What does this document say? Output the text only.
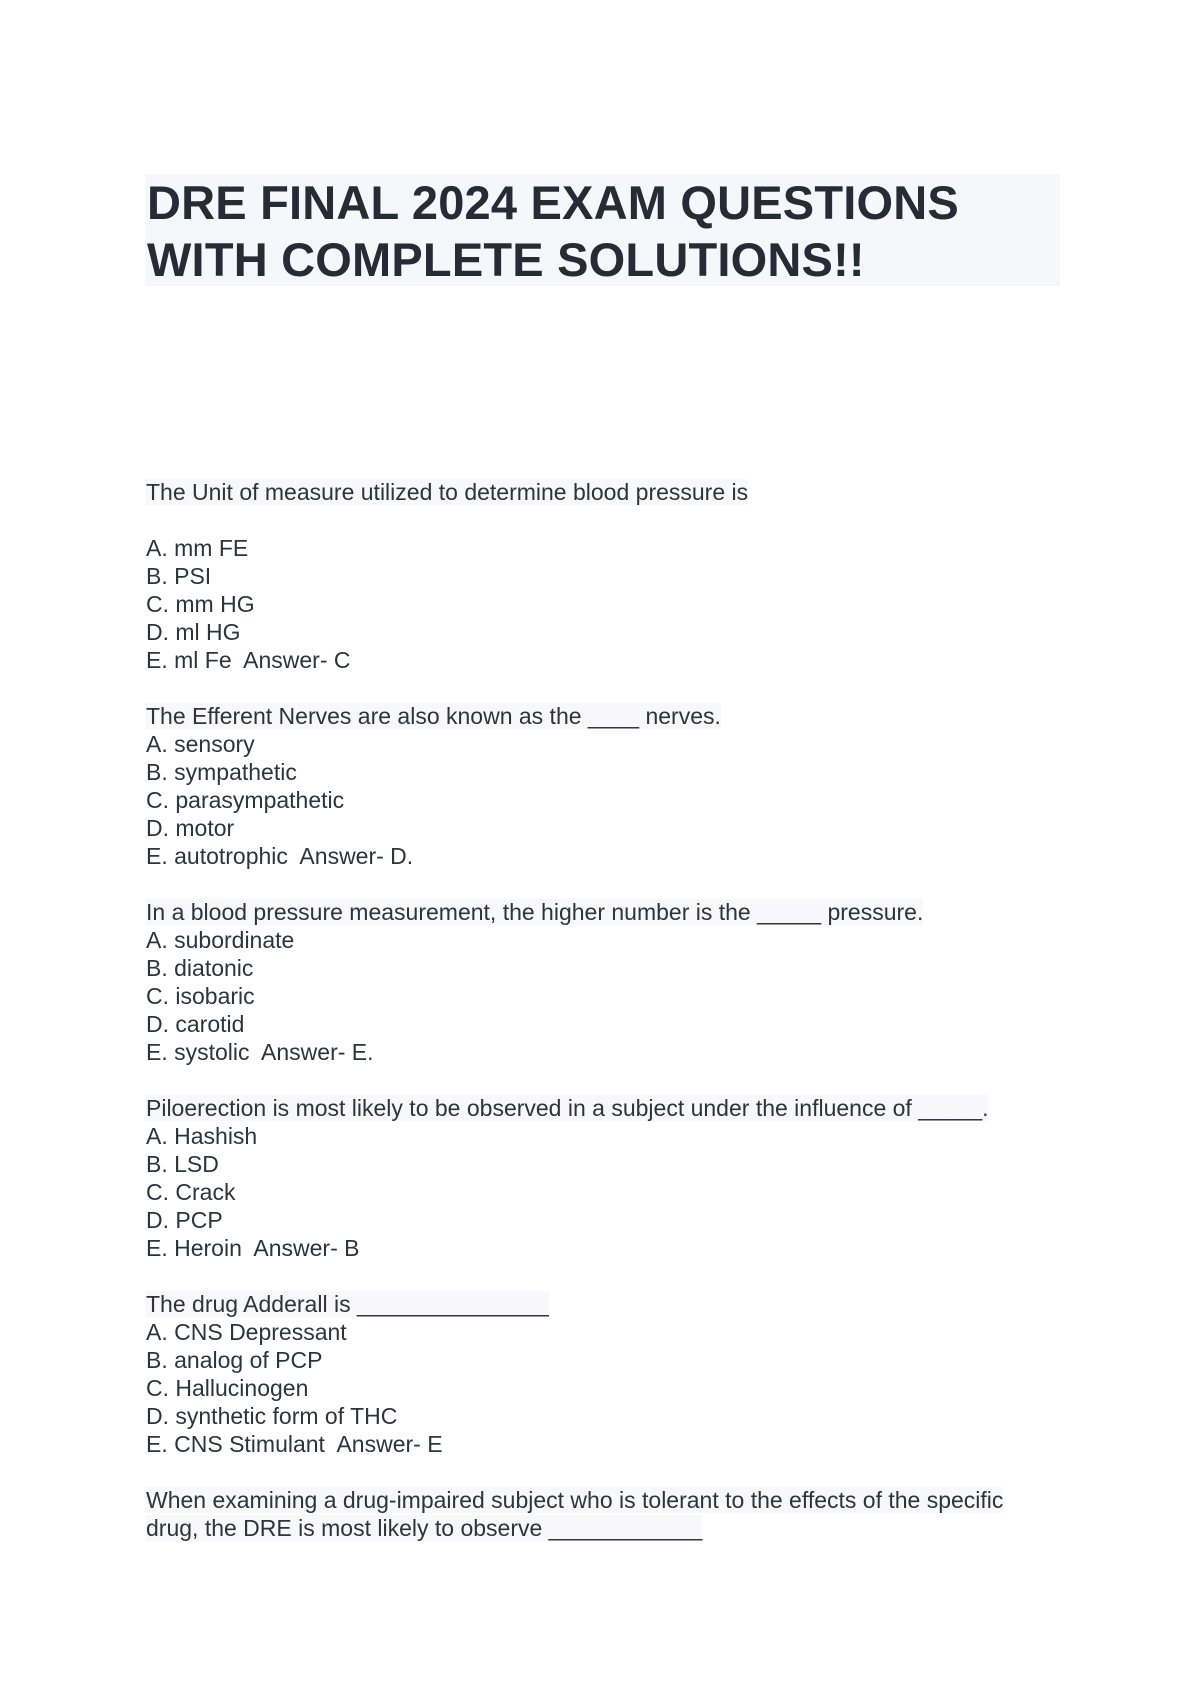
DRE FINAL 2024 EXAM QUESTIONS WITH COMPLETE SOLUTIONS!!
The Unit of measure utilized to determine blood pressure is
A. mm FE
B. PSI
C. mm HG
D. ml HG
E. ml Fe  Answer- C
The Efferent Nerves are also known as the ____ nerves.
A. sensory
B. sympathetic
C. parasympathetic
D. motor
E. autotrophic  Answer- D.
In a blood pressure measurement, the higher number is the _____ pressure.
A. subordinate
B. diatonic
C. isobaric
D. carotid
E. systolic  Answer- E.
Piloerection is most likely to be observed in a subject under the influence of _____.
A. Hashish
B. LSD
C. Crack
D. PCP
E. Heroin  Answer- B
The drug Adderall is _______________
A. CNS Depressant
B. analog of PCP
C. Hallucinogen
D. synthetic form of THC
E. CNS Stimulant  Answer- E
When examining a drug-impaired subject who is tolerant to the effects of the specific
drug, the DRE is most likely to observe ____________
